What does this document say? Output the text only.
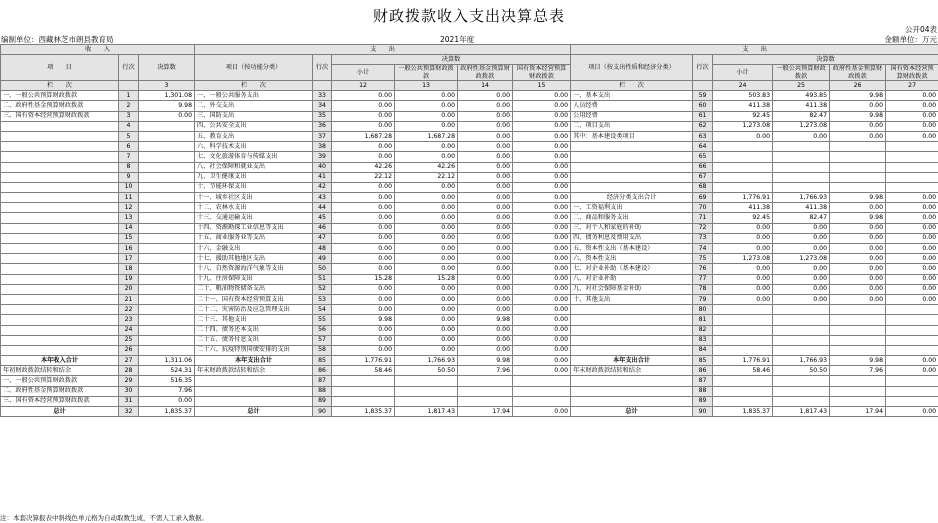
财政拨款收入支出决算总表
公开04表
编制单位：西藏林芝市朗县教育局	2021年度	金额单位：万元
收　　入			支　　出						支　　出					
项　　目	行次	决算数	项目（按功能分类）	行次	决算数				项目（按支出性质和经济分类）	行次	决算数			
					小计	一般公共预算财政拨款	政府性基金预算财政拨款	国有资本经营预算财政拨款			小计	一般公共预算财政拨款	政府性基金预算财政拨款	国有资本经营预算财政拨款
栏　　次		3	栏　　次		12	13	14	15	栏　　次		24	25	26	27
一、一般公共预算财政拨款	1	1,301.08	一、一般公共服务支出	33	0.00	0.00	0.00	0.00	一、基本支出	59	503.83	493.85	9.98	0.00
二、政府性基金预算财政拨款	2	9.98	二、外交支出	34	0.00	0.00	0.00	0.00	人员经费	60	411.38	411.38	0.00	0.00
三、国有资本经营预算财政拨款	3	0.00	三、国防支出	35	0.00	0.00	0.00	0.00	公用经费	61	92.45	82.47	9.98	0.00
	4		四、公共安全支出	36	0.00	0.00	0.00	0.00	二、项目支出	62	1,273.08	1,273.08	0.00	0.00
	5		五、教育支出	37	1,687.28	1,687.28	0.00	0.00	其中：基本建设类项目	63	0.00	0.00	0.00	0.00
	6		六、科学技术支出	38	0.00	0.00	0.00	0.00		64				
	7		七、文化旅游体育与传媒支出	39	0.00	0.00	0.00	0.00		65				
	8		八、社会保障和就业支出	40	42.26	42.26	0.00	0.00		66				
	9		九、卫生健康支出	41	22.12	22.12	0.00	0.00		67				
	10		十、节能环保支出	42	0.00	0.00	0.00	0.00		68				
	11		十一、城乡社区支出	43	0.00	0.00	0.00	0.00	经济分类支出合计	69	1,776.91	1,766.93	9.98	0.00
	12		十二、农林水支出	44	0.00	0.00	0.00	0.00	一、工资福利支出	70	411.38	411.38	0.00	0.00
	13		十三、交通运输支出	45	0.00	0.00	0.00	0.00	二、商品和服务支出	71	92.45	82.47	9.98	0.00
	14		十四、资源勘探工业信息等支出	46	0.00	0.00	0.00	0.00	三、对个人和家庭的补助	72	0.00	0.00	0.00	0.00
	15		十五、商业服务业等支出	47	0.00	0.00	0.00	0.00	四、债务利息及费用支出	73	0.00	0.00	0.00	0.00
	16		十六、金融支出	48	0.00	0.00	0.00	0.00	五、资本性支出（基本建设）	74	0.00	0.00	0.00	0.00
	17		十七、援助其他地区支出	49	0.00	0.00	0.00	0.00	六、资本性支出	75	1,273.08	1,273.08	0.00	0.00
	18		十八、自然资源海洋气象等支出	50	0.00	0.00	0.00	0.00	七、对企业补助（基本建设）	76	0.00	0.00	0.00	0.00
	19		十九、住房保障支出	51	15.28	15.28	0.00	0.00	八、对企业补助	77	0.00	0.00	0.00	0.00
	20		二十、粮油物资储备支出	52	0.00	0.00	0.00	0.00	九、对社会保障基金补助	78	0.00	0.00	0.00	0.00
	21		二十一、国有资本经营预算支出	53	0.00	0.00	0.00	0.00	十、其他支出	79	0.00	0.00	0.00	0.00
	22		二十二、灾害防治及应急管理支出	54	0.00	0.00	0.00	0.00		80				
	23		二十三、其他支出	55	9.98	0.00	9.98	0.00		81				
	24		二十四、债务还本支出	56	0.00	0.00	0.00	0.00		82				
	25		二十五、债务付息支出	57	0.00	0.00	0.00	0.00		83				
	26		二十六、抗疫特别国债安排的支出	58	0.00	0.00	0.00	0.00		84				
本年收入合计	27	1,311.06	本年支出合计	85	1,776.91	1,766.93	9.98	0.00	本年支出合计	85	1,776.91	1,766.93	9.98	0.00
年初财政拨款结转和结余	28	524.31	年末财政拨款结转和结余	86	58.46	50.50	7.96	0.00	年末财政拨款结转和结余	86	58.46	50.50	7.96	0.00
一、一般公共预算财政拨款	29	516.35		87						87				
二、政府性基金预算财政拨款	30	7.96		88						88				
三、国有资本经营预算财政拨款	31	0.00		89						89				
总计	32	1,835.37	总计	90	1,835.37	1,817.43	17.94	0.00	总计	90	1,835.37	1,817.43	17.94	0.00
注：本套决算报表中斜线色单元格为自动取数生成，不需人工录入数据。
